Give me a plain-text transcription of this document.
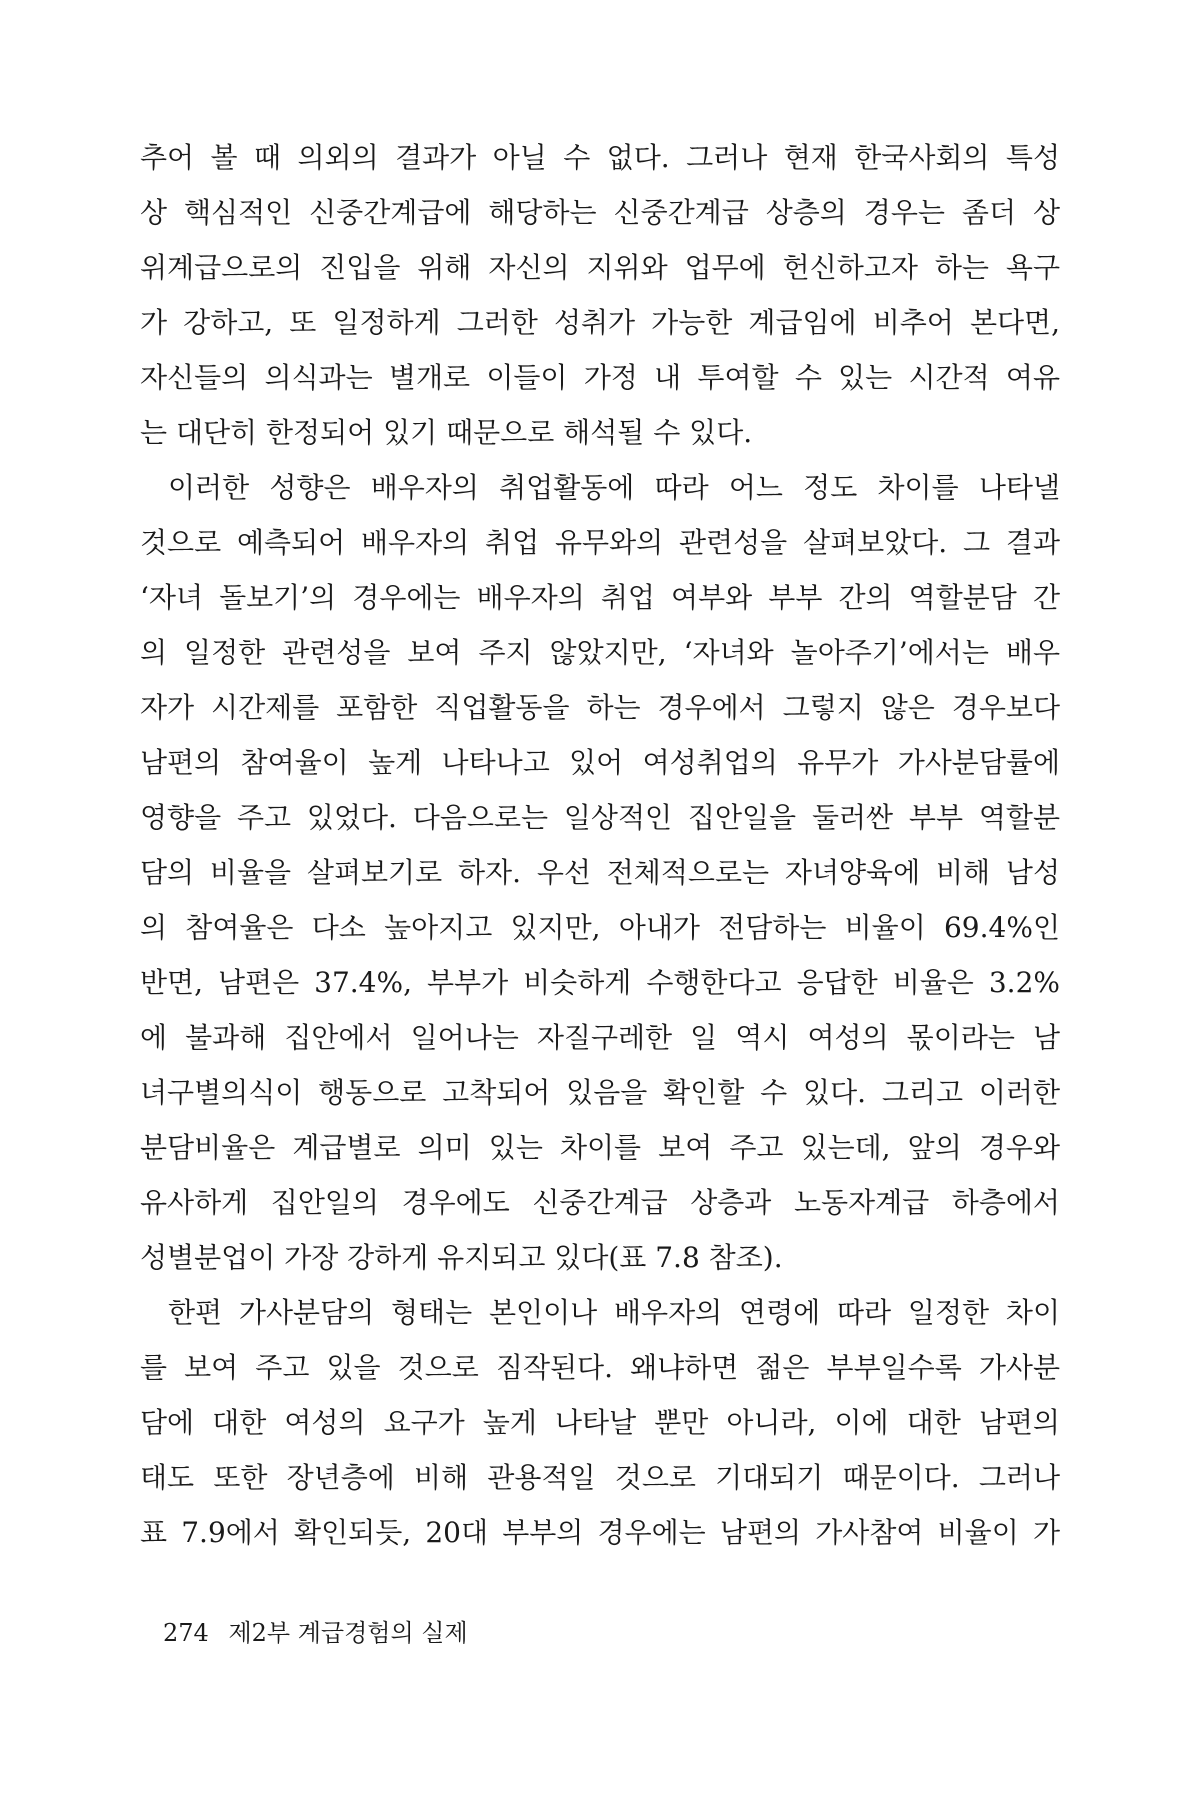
추어 볼 때 의외의 결과가 아닐 수 없다. 그러나 현재 한국사회의 특성
상 핵심적인 신중간계급에 해당하는 신중간계급 상층의 경우는 좀더 상
위계급으로의 진입을 위해 자신의 지위와 업무에 헌신하고자 하는 욕구
가 강하고, 또 일정하게 그러한 성취가 가능한 계급임에 비추어 본다면,
자신들의 의식과는 별개로 이들이 가정 내 투여할 수 있는 시간적 여유
는 대단히 한정되어 있기 때문으로 해석될 수 있다.
이러한 성향은 배우자의 취업활동에 따라 어느 정도 차이를 나타낼
것으로 예측되어 배우자의 취업 유무와의 관련성을 살펴보았다. 그 결과
‘자녀 돌보기’의 경우에는 배우자의 취업 여부와 부부 간의 역할분담 간
의 일정한 관련성을 보여 주지 않았지만, ‘자녀와 놀아주기’에서는 배우
자가 시간제를 포함한 직업활동을 하는 경우에서 그렇지 않은 경우보다
남편의 참여율이 높게 나타나고 있어 여성취업의 유무가 가사분담률에
영향을 주고 있었다. 다음으로는 일상적인 집안일을 둘러싼 부부 역할분
담의 비율을 살펴보기로 하자. 우선 전체적으로는 자녀양육에 비해 남성
의 참여율은 다소 높아지고 있지만, 아내가 전담하는 비율이 69.4%인
반면, 남편은 37.4%, 부부가 비슷하게 수행한다고 응답한 비율은 3.2%
에 불과해 집안에서 일어나는 자질구레한 일 역시 여성의 몫이라는 남
녀구별의식이 행동으로 고착되어 있음을 확인할 수 있다. 그리고 이러한
분담비율은 계급별로 의미 있는 차이를 보여 주고 있는데, 앞의 경우와
유사하게 집안일의 경우에도 신중간계급 상층과 노동자계급 하층에서
성별분업이 가장 강하게 유지되고 있다(표 7.8 참조).
한편 가사분담의 형태는 본인이나 배우자의 연령에 따라 일정한 차이
를 보여 주고 있을 것으로 짐작된다. 왜냐하면 젊은 부부일수록 가사분
담에 대한 여성의 요구가 높게 나타날 뿐만 아니라, 이에 대한 남편의
태도 또한 장년층에 비해 관용적일 것으로 기대되기 때문이다. 그러나
표 7.9에서 확인되듯, 20대 부부의 경우에는 남편의 가사참여 비율이 가
274 제2부 계급경험의 실제
